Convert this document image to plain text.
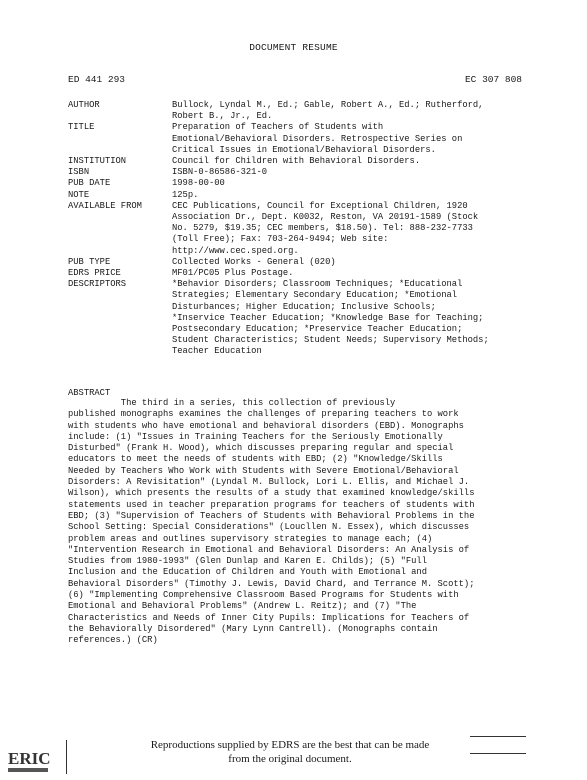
DOCUMENT RESUME
ED 441 293	EC 307 808
AUTHOR	Bullock, Lyndal M., Ed.; Gable, Robert A., Ed.; Rutherford,
Robert B., Jr., Ed.
TITLE	Preparation of Teachers of Students with
Emotional/Behavioral Disorders. Retrospective Series on
Critical Issues in Emotional/Behavioral Disorders.
INSTITUTION	Council for Children with Behavioral Disorders.
ISBN	ISBN-0-86586-321-0
PUB DATE	1998-00-00
NOTE	125p.
AVAILABLE FROM	CEC Publications, Council for Exceptional Children, 1920
Association Dr., Dept. K0032, Reston, VA 20191-1589 (Stock
No. 5279, $19.35; CEC members, $18.50). Tel: 888-232-7733
(Toll Free); Fax: 703-264-9494; Web site:
http://www.cec.sped.org.
PUB TYPE	Collected Works - General (020)
EDRS PRICE	MF01/PC05 Plus Postage.
DESCRIPTORS	*Behavior Disorders; Classroom Techniques; *Educational
Strategies; Elementary Secondary Education; *Emotional
Disturbances; Higher Education; Inclusive Schools;
*Inservice Teacher Education; *Knowledge Base for Teaching;
Postsecondary Education; *Preservice Teacher Education;
Student Characteristics; Student Needs; Supervisory Methods;
Teacher Education
ABSTRACT
The third in a series, this collection of previously
published monographs examines the challenges of preparing teachers to work
with students who have emotional and behavioral disorders (EBD). Monographs
include: (1) "Issues in Training Teachers for the Seriously Emotionally
Disturbed" (Frank H. Wood), which discusses preparing regular and special
educators to meet the needs of students with EBD; (2) "Knowledge/Skills
Needed by Teachers Who Work with Students with Severe Emotional/Behavioral
Disorders: A Revisitation" (Lyndal M. Bullock, Lori L. Ellis, and Michael J.
Wilson), which presents the results of a study that examined knowledge/skills
statements used in teacher preparation programs for teachers of students with
EBD; (3) "Supervision of Teachers of Students with Behavioral Problems in the
School Setting: Special Considerations" (Loucllen N. Essex), which discusses
problem areas and outlines supervisory strategies to manage each; (4)
"Intervention Research in Emotional and Behavioral Disorders: An Analysis of
Studies from 1980-1993" (Glen Dunlap and Karen E. Childs); (5) "Full
Inclusion and the Education of Children and Youth with Emotional and
Behavioral Disorders" (Timothy J. Lewis, David Chard, and Terrance M. Scott);
(6) "Implementing Comprehensive Classroom Based Programs for Students with
Emotional and Behavioral Problems" (Andrew L. Reitz); and (7) "The
Characteristics and Needs of Inner City Pupils: Implications for Teachers of
the Behaviorally Disordered" (Mary Lynn Cantrell). (Monographs contain
references.) (CR)
ERIC
Reproductions supplied by EDRS are the best that can be made
from the original document.
